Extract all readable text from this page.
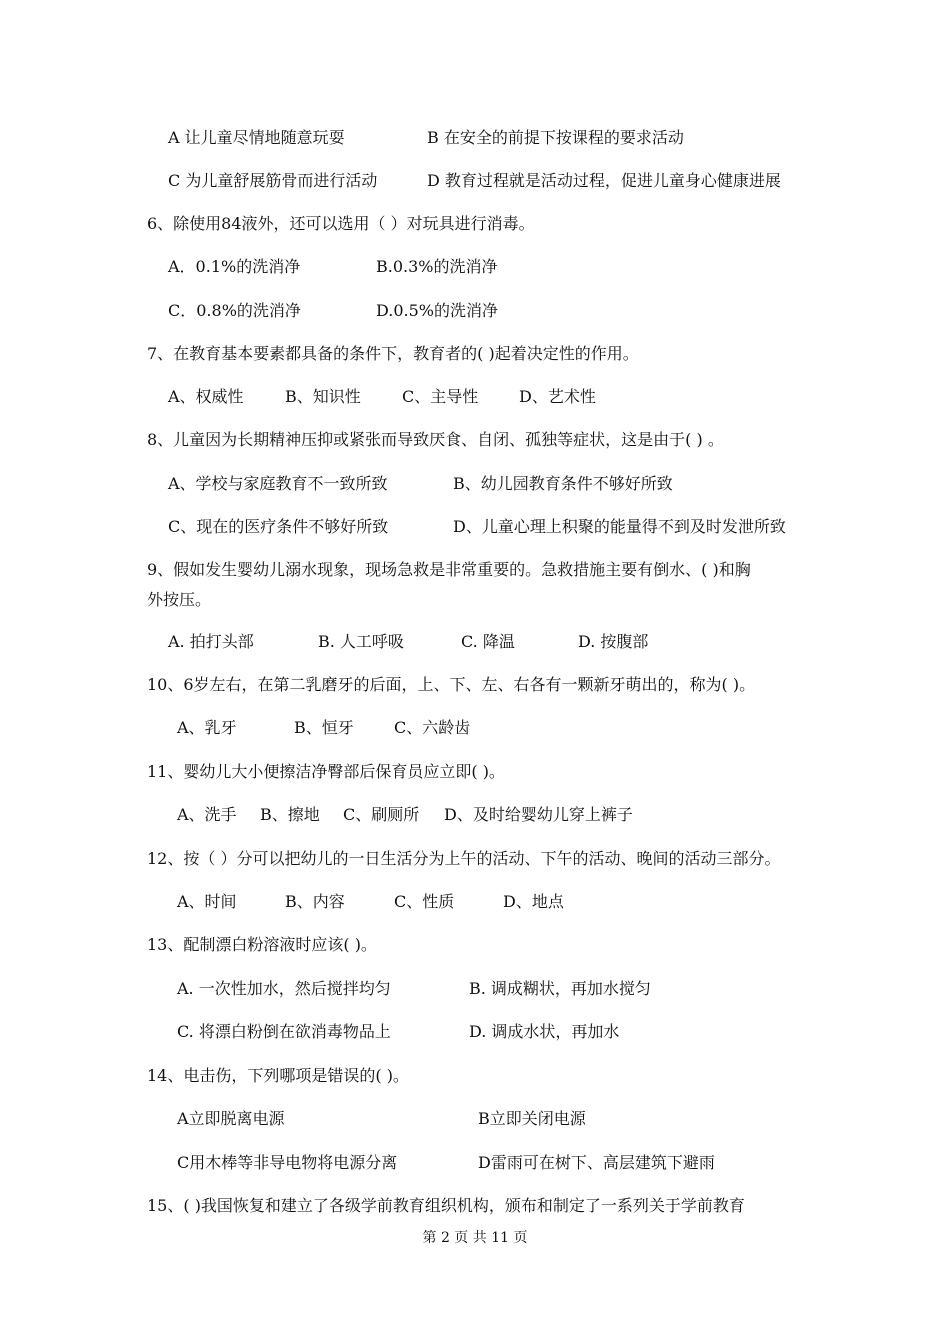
A 让儿童尽情地随意玩耍	B 在安全的前提下按课程的要求活动
C 为儿童舒展筋骨而进行活动	D 教育过程就是活动过程，促进儿童身心健康进展
6、除使用84液外，还可以选用（ ）对玩具进行消毒。
A．0.1%的洗消净	B.0.3%的洗消净
C．0.8%的洗消净	D.0.5%的洗消净
7、在教育基本要素都具备的条件下，教育者的( )起着决定性的作用。
A、权威性	B、知识性	C、主导性	D、艺术性
8、儿童因为长期精神压抑或紧张而导致厌食、自闭、孤独等症状，这是由于( ) 。
A、学校与家庭教育不一致所致	B、幼儿园教育条件不够好所致
C、现在的医疗条件不够好所致	D、儿童心理上积聚的能量得不到及时发泄所致
9、假如发生婴幼儿溺水现象，现场急救是非常重要的。急救措施主要有倒水、( )和胸
外按压。
A. 拍打头部	B. 人工呼吸	C. 降温	D. 按腹部
10、6岁左右，在第二乳磨牙的后面，上、下、左、右各有一颗新牙萌出的，称为( )。
A、乳牙	B、恒牙	C、六龄齿
11、婴幼儿大小便擦洁净臀部后保育员应立即( )。
A、洗手 B、擦地 C、刷厕所 D、及时给婴幼儿穿上裤子
12、按（ ）分可以把幼儿的一日生活分为上午的活动、下午的活动、晚间的活动三部分。
A、时间	B、内容	C、性质	D、地点
13、配制漂白粉溶液时应该( )。
A. 一次性加水，然后搅拌均匀	B. 调成糊状，再加水搅匀
C. 将漂白粉倒在欲消毒物品上	D. 调成水状，再加水
14、电击伤，下列哪项是错误的( )。
A立即脱离电源	B立即关闭电源
C用木棒等非导电物将电源分离	D雷雨可在树下、高层建筑下避雨
15、( )我国恢复和建立了各级学前教育组织机构，颁布和制定了一系列关于学前教育
第 2 页 共 11 页
